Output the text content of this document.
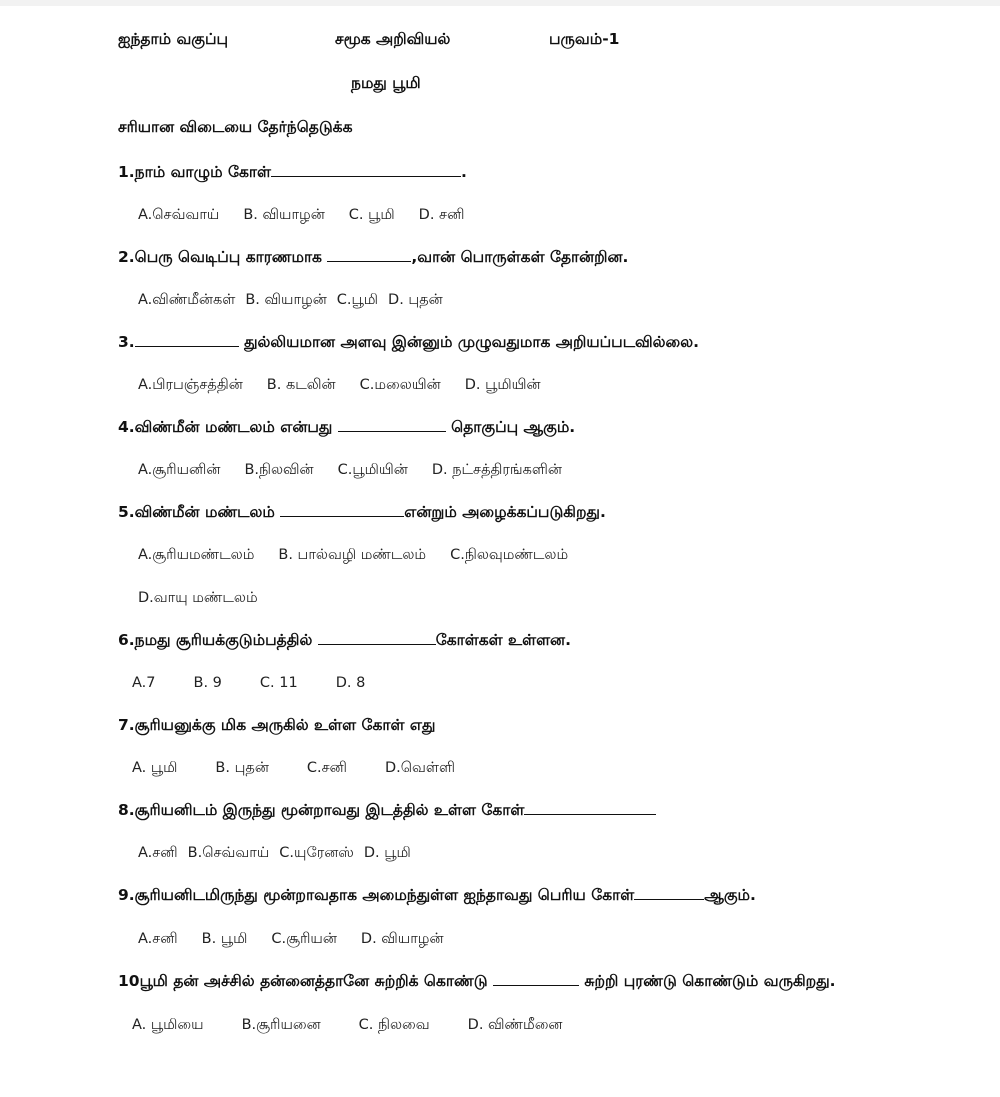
ஐந்தாம் வகுப்பு	சமூக அறிவியல்	பருவம்-1
நமது பூமி
சரியான விடையை தேர்ந்தெடுக்க
1.நாம் வாழும் கோள்	.
A.செவ்வாய் B. வியாழன் C. பூமி D. சனி
2.பெரு வெடிப்பு காரணமாக	,வான் பொருள்கள் தோன்றின.
A.விண்மீன்கள் B. வியாழன் C.பூமி D. புதன்
3.	துல்லியமான அளவு இன்னும் முழுவதுமாக அறியப்படவில்லை.
A.பிரபஞ்சத்தின் B. கடலின் C.மலையின் D. பூமியின்
4.விண்மீன் மண்டலம் என்பது	தொகுப்பு ஆகும்.
A.சூரியனின் B.நிலவின் C.பூமியின் D. நட்சத்திரங்களின்
5.விண்மீன் மண்டலம்	என்றும் அழைக்கப்படுகிறது.
A.சூரியமண்டலம் B. பால்வழி மண்டலம் C.நிலவுமண்டலம்
D.வாயு மண்டலம்
6.நமது சூரியக்குடும்பத்தில்	கோள்கள் உள்ளன.
A.7	B. 9	C. 11	D. 8
7.சூரியனுக்கு மிக அருகில் உள்ள கோள் எது
A. பூமி	B. புதன்	C.சனி	D.வெள்ளி
8.சூரியனிடம் இருந்து மூன்றாவது இடத்தில் உள்ள கோள்
A.சனி B.செவ்வாய் C.யுரேனஸ் D. பூமி
9.சூரியனிடமிருந்து மூன்றாவதாக அமைந்துள்ள ஐந்தாவது பெரிய கோள்	ஆகும்.
A.சனி B. பூமி C.சூரியன் D. வியாழன்
10பூமி தன் அச்சில் தன்னைத்தானே சுற்றிக் கொண்டு	சுற்றி புரண்டு கொண்டும் வருகிறது.
A. பூமியை	B.சூரியனை	C. நிலவை	D. விண்மீனை
